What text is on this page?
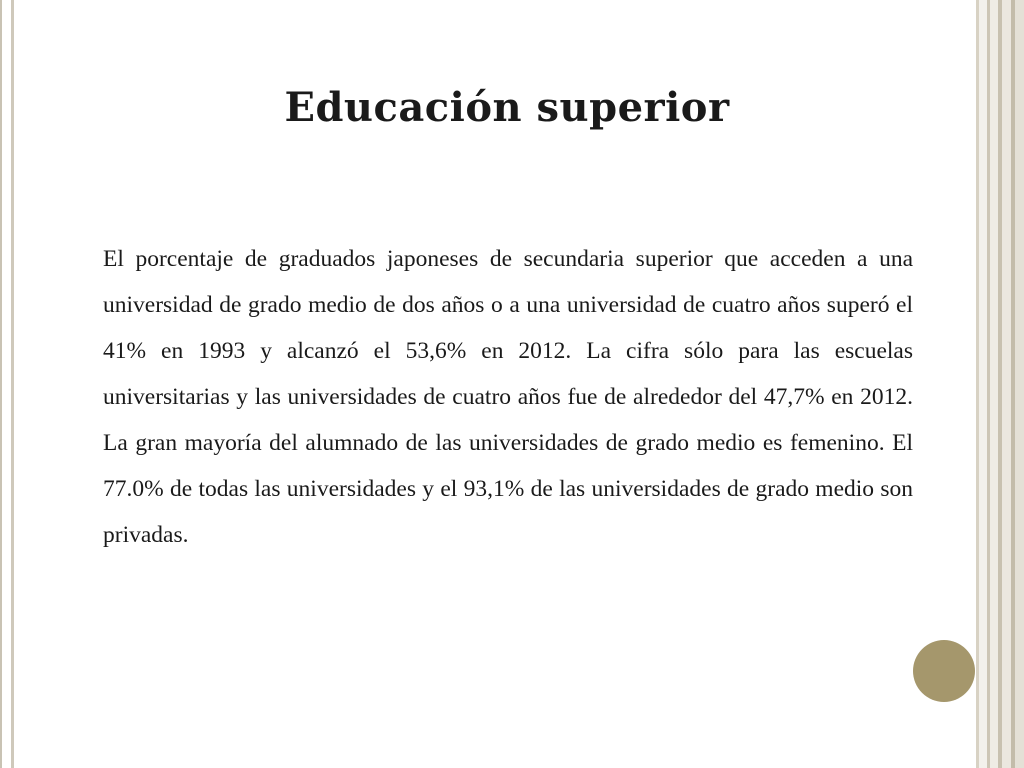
Educación superior
El porcentaje de graduados japoneses de secundaria superior que acceden a una universidad de grado medio de dos años o a una universidad de cuatro años superó el 41% en 1993 y alcanzó el 53,6% en 2012. La cifra sólo para las escuelas universitarias y las universidades de cuatro años fue de alrededor del 47,7% en 2012. La gran mayoría del alumnado de las universidades de grado medio es femenino. El 77.0% de todas las universidades y el 93,1% de las universidades de grado medio son privadas.
